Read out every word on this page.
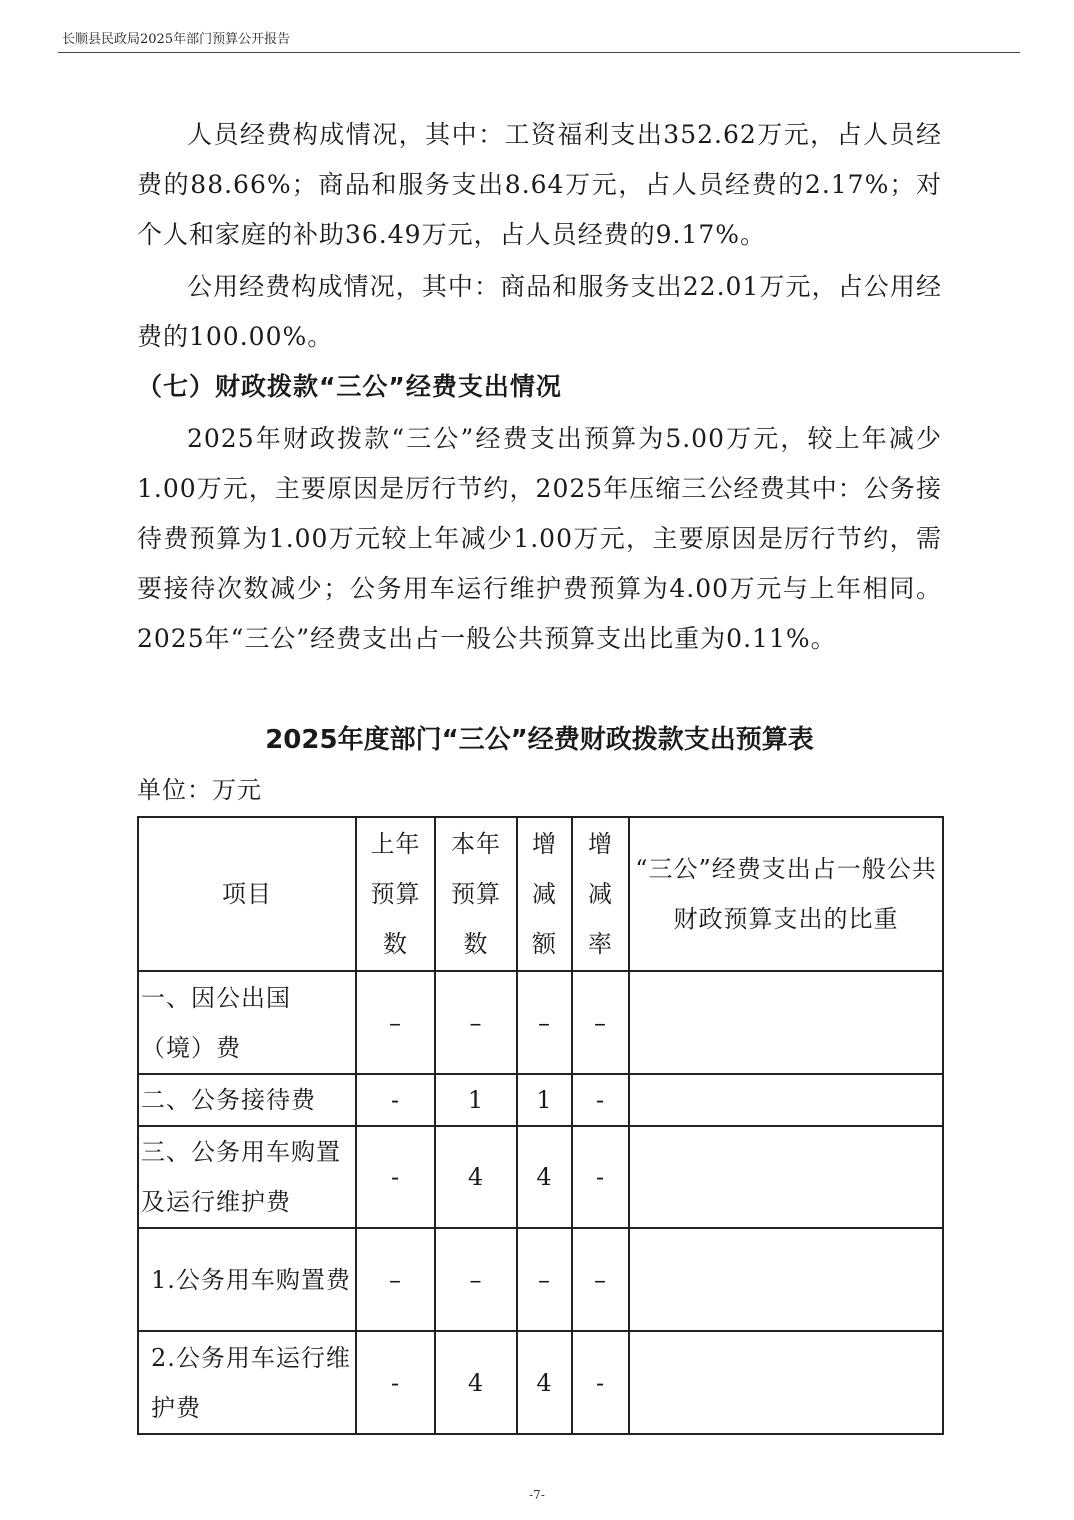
长顺县民政局2025年部门预算公开报告

人员经费构成情况，其中：工资福利支出352.62万元，占人员经费的88.66%；商品和服务支出8.64万元，占人员经费的2.17%；对个人和家庭的补助36.49万元，占人员经费的9.17%。

公用经费构成情况，其中：商品和服务支出22.01万元，占公用经费的100.00%。

（七）财政拨款“三公”经费支出情况

2025年财政拨款“三公”经费支出预算为5.00万元，较上年减少 1.00万元，主要原因是厉行节约，2025年压缩三公经费其中：公务接待费预算为1.00万元较上年减少1.00万元，主要原因是厉行节约，需要接待次数减少；公务用车运行维护费预算为4.00万元与上年相同。2025年“三公”经费支出占一般公共预算支出比重为0.11%。

2025年度部门“三公”经费财政拨款支出预算表
单位：万元
项目	上年预算数	本年预算数	增减额	增减率	“三公”经费支出占一般公共财政预算支出的比重
一、因公出国（境）费	–	–	–	–	
二、公务接待费	-	1	1	-	
三、公务用车购置及运行维护费	-	4	4	-	
1.公务用车购置费	–	–	–	–	
2.公务用车运行维护费	-	4	4	-	
-7-
